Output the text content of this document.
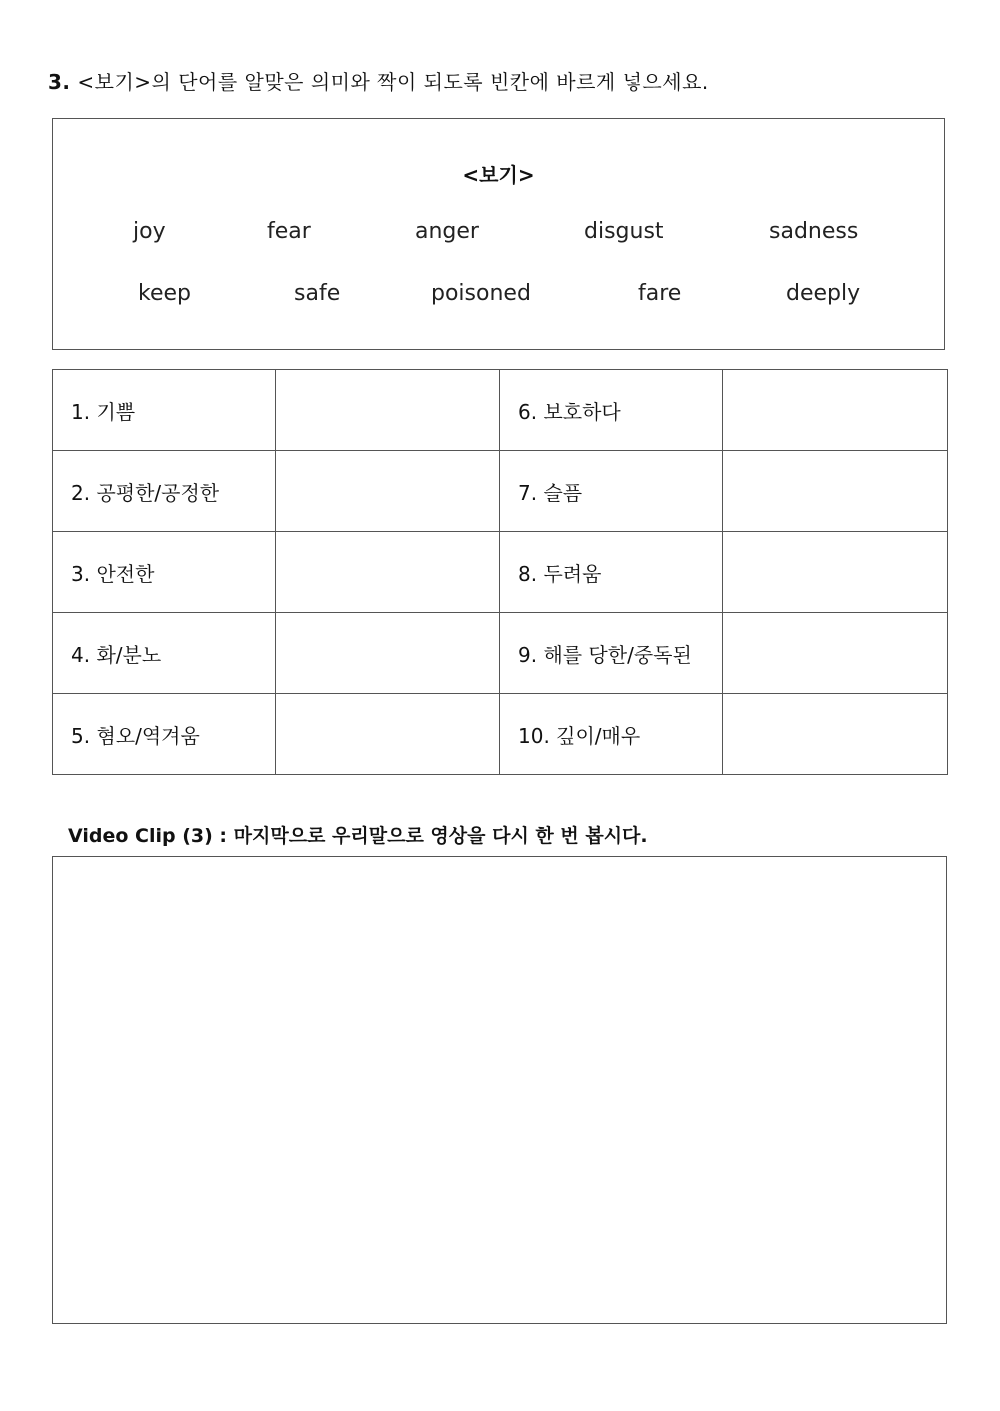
3. <보기>의 단어를 알맞은 의미와 짝이 되도록 빈칸에 바르게 넣으세요.
<보기>
joy	fear	anger	disgust	sadness
keep	safe	poisoned	fare	deeply
1. 기쁨		6. 보호하다	
2. 공평한/공정한		7. 슬픔	
3. 안전한		8. 두려움	
4. 화/분노		9. 해를 당한/중독된	
5. 혐오/역겨움		10. 깊이/매우	
Video Clip (3) : 마지막으로 우리말으로 영상을 다시 한 번 봅시다.
